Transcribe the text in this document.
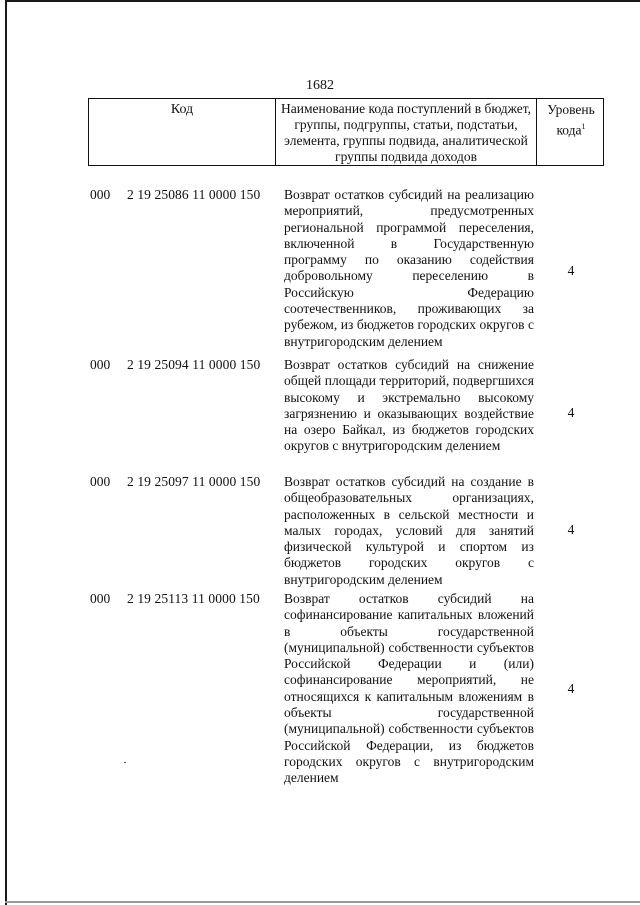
1682
Код	Наименование кода поступлений в бюджет, группы, подгруппы, статьи, подстатьи, элемента, группы подвида, аналитической группы подвида доходов
Уровень кода$^1$
000 2 19 25086 11 0000 150 Возврат остатков субсидий на реализацию мероприятий, предусмотренных региональной программой переселения, включенной в Государственную программу по оказанию содействия добровольному переселению в Российскую Федерацию соотечественников, проживающих за рубежом, из бюджетов городских округов с внутригородским делением
4
000 2 19 25094 11 0000 150 Возврат остатков субсидий на снижение общей площади территорий, подвергшихся высокому и экстремально высокому загрязнению и оказывающих воздействие на озеро Байкал, из бюджетов городских округов с внутригородским делением
4
000 2 19 25097 11 0000 150 Возврат остатков субсидий на создание в общеобразовательных организациях, расположенных в сельской местности и малых городах, условий для занятий физической культурой и спортом из бюджетов городских округов с внутригородским делением
4
000 2 19 25113 11 0000 150 Возврат остатков субсидий на софинансирование капитальных вложений в объекты государственной (муниципальной) собственности субъектов Российской Федерации и (или) софинансирование мероприятий, не относящихся к капитальным вложениям в объекты государственной (муниципальной) собственности субъектов Российской Федерации, из бюджетов городских округов с внутригородским делением
4
